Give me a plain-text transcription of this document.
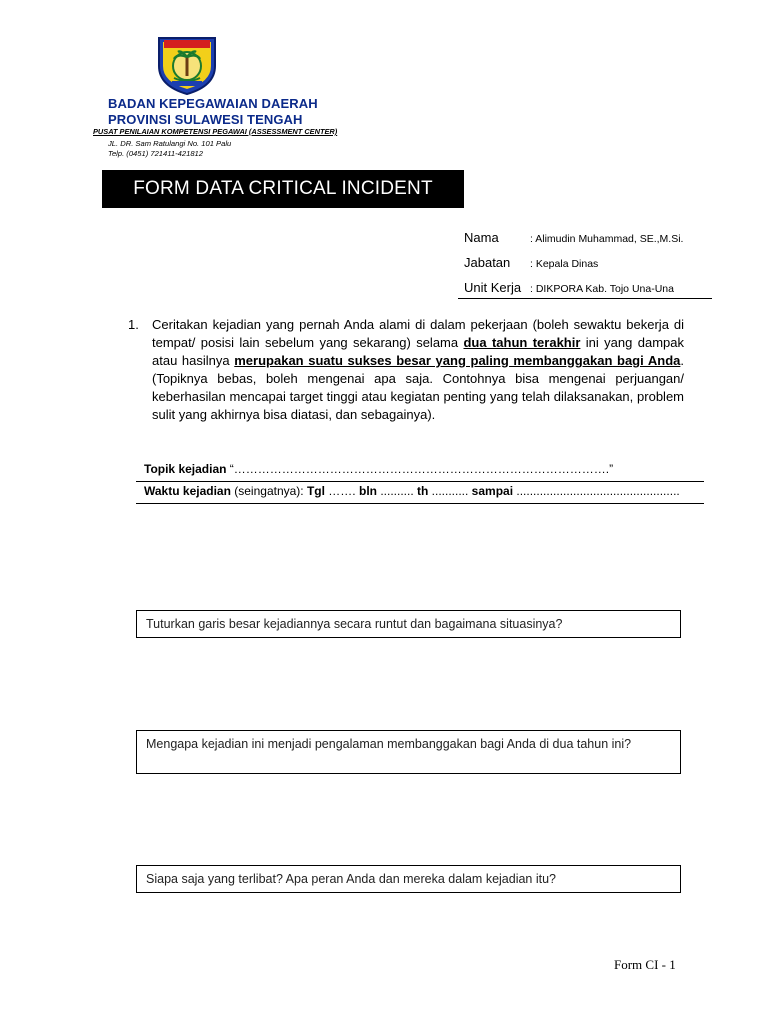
BADAN KEPEGAWAIAN DAERAH
PROVINSI SULAWESI TENGAH
PUSAT PENILAIAN KOMPETENSI PEGAWAI (ASSESSMENT CENTER)
JL. DR. Sam Ratulangi No. 101 Palu
Telp. (0451) 721411-421812
FORM DATA CRITICAL INCIDENT
Nama	: Alimudin Muhammad, SE.,M.Si.
Jabatan : Kepala Dinas
Unit Kerja : DIKPORA Kab. Tojo Una-Una
1. Ceritakan kejadian yang pernah Anda alami di dalam pekerjaan (boleh sewaktu bekerja di tempat/ posisi lain sebelum yang sekarang) selama dua tahun terakhir ini yang dampak atau hasilnya merupakan suatu sukses besar yang paling membanggakan bagi Anda. (Topiknya bebas, boleh mengenai apa saja. Contohnya bisa mengenai perjuangan/ keberhasilan mencapai target tinggi atau kegiatan penting yang telah dilaksanakan, problem sulit yang akhirnya bisa diatasi, dan sebagainya).
Topik kejadian “………………………………………………………………………………….”
Waktu kejadian (seingatnya): Tgl ……. bln .......... th ........... sampai .................................................
Tuturkan garis besar kejadiannya secara runtut dan bagaimana situasinya?
Mengapa kejadian ini menjadi pengalaman membanggakan bagi Anda di dua tahun ini?
Siapa saja yang terlibat? Apa peran Anda dan mereka dalam kejadian itu?
Form CI - 1
